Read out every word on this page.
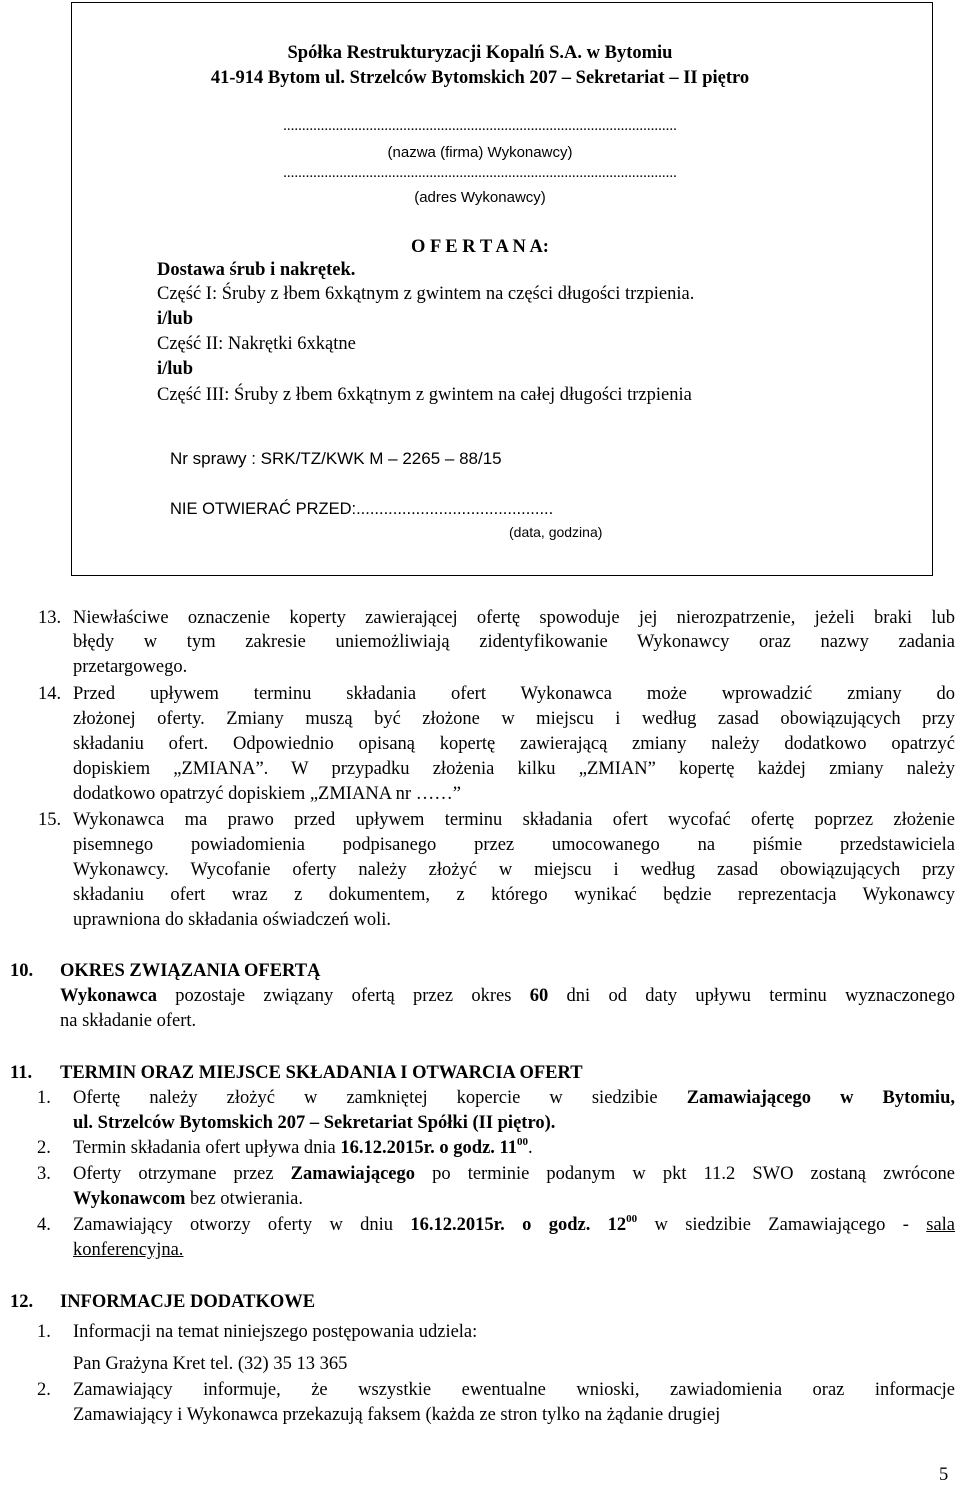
Spółka Restrukturyzacji Kopalń S.A. w Bytomiu
41-914 Bytom ul. Strzelców Bytomskich 207 – Sekretariat – II piętro
.........................................................................................................
(nazwa (firma) Wykonawcy)
.........................................................................................................
(adres Wykonawcy)
O F E R T A N A:
Dostawa śrub i nakrętek.
Część I: Śruby z łbem 6xkątnym z gwintem na części długości trzpienia.
i/lub
Część II: Nakrętki 6xkątne
i/lub
Część III: Śruby z łbem 6xkątnym z gwintem na całej długości trzpienia
Nr sprawy : SRK/TZ/KWK M – 2265 – 88/15
NIE OTWIERAĆ PRZED:...........................................
(data, godzina)
13. Niewłaściwe oznaczenie koperty zawierającej ofertę spowoduje jej nierozpatrzenie, jeżeli braki lub
błędy w tym zakresie uniemożliwiają zidentyfikowanie Wykonawcy oraz nazwy zadania
przetargowego.
14. Przed upływem terminu składania ofert Wykonawca może wprowadzić zmiany do
złożonej oferty. Zmiany muszą być złożone w miejscu i według zasad obowiązujących przy
składaniu ofert. Odpowiednio opisaną kopertę zawierającą zmiany należy dodatkowo opatrzyć
dopiskiem „ZMIANA”. W przypadku złożenia kilku „ZMIAN” kopertę każdej zmiany należy
dodatkowo opatrzyć dopiskiem „ZMIANA nr ……”
15. Wykonawca ma prawo przed upływem terminu składania ofert wycofać ofertę poprzez złożenie
pisemnego powiadomienia podpisanego przez umocowanego na piśmie przedstawiciela
Wykonawcy. Wycofanie oferty należy złożyć w miejscu i według zasad obowiązujących przy
składaniu ofert wraz z dokumentem, z którego wynikać będzie reprezentacja Wykonawcy
uprawniona do składania oświadczeń woli.
10. OKRES ZWIĄZANIA OFERTĄ
Wykonawca pozostaje związany ofertą przez okres 60 dni od daty upływu terminu wyznaczonego
na składanie ofert.
11. TERMIN ORAZ MIEJSCE SKŁADANIA I OTWARCIA OFERT
1. Ofertę należy złożyć w zamkniętej kopercie w siedzibie Zamawiającego w Bytomiu,
ul. Strzelców Bytomskich 207 – Sekretariat Spółki (II piętro).
2. Termin składania ofert upływa dnia 16.12.2015r. o godz. $11^{00}$.
3. Oferty otrzymane przez Zamawiającego po terminie podanym w pkt 11.2 SWO zostaną zwrócone
Wykonawcom bez otwierania.
4. Zamawiający otworzy oferty w dniu 16.12.2015r. o godz. $12^{00}$ w siedzibie Zamawiającego - sala
konferencyjna.
12. INFORMACJE DODATKOWE
1. Informacji na temat niniejszego postępowania udziela:
Pan Grażyna Kret tel. (32) 35 13 365
2. Zamawiający informuje, że wszystkie ewentualne wnioski, zawiadomienia oraz informacje
Zamawiający i Wykonawca przekazują faksem (każda ze stron tylko na żądanie drugiej
5
